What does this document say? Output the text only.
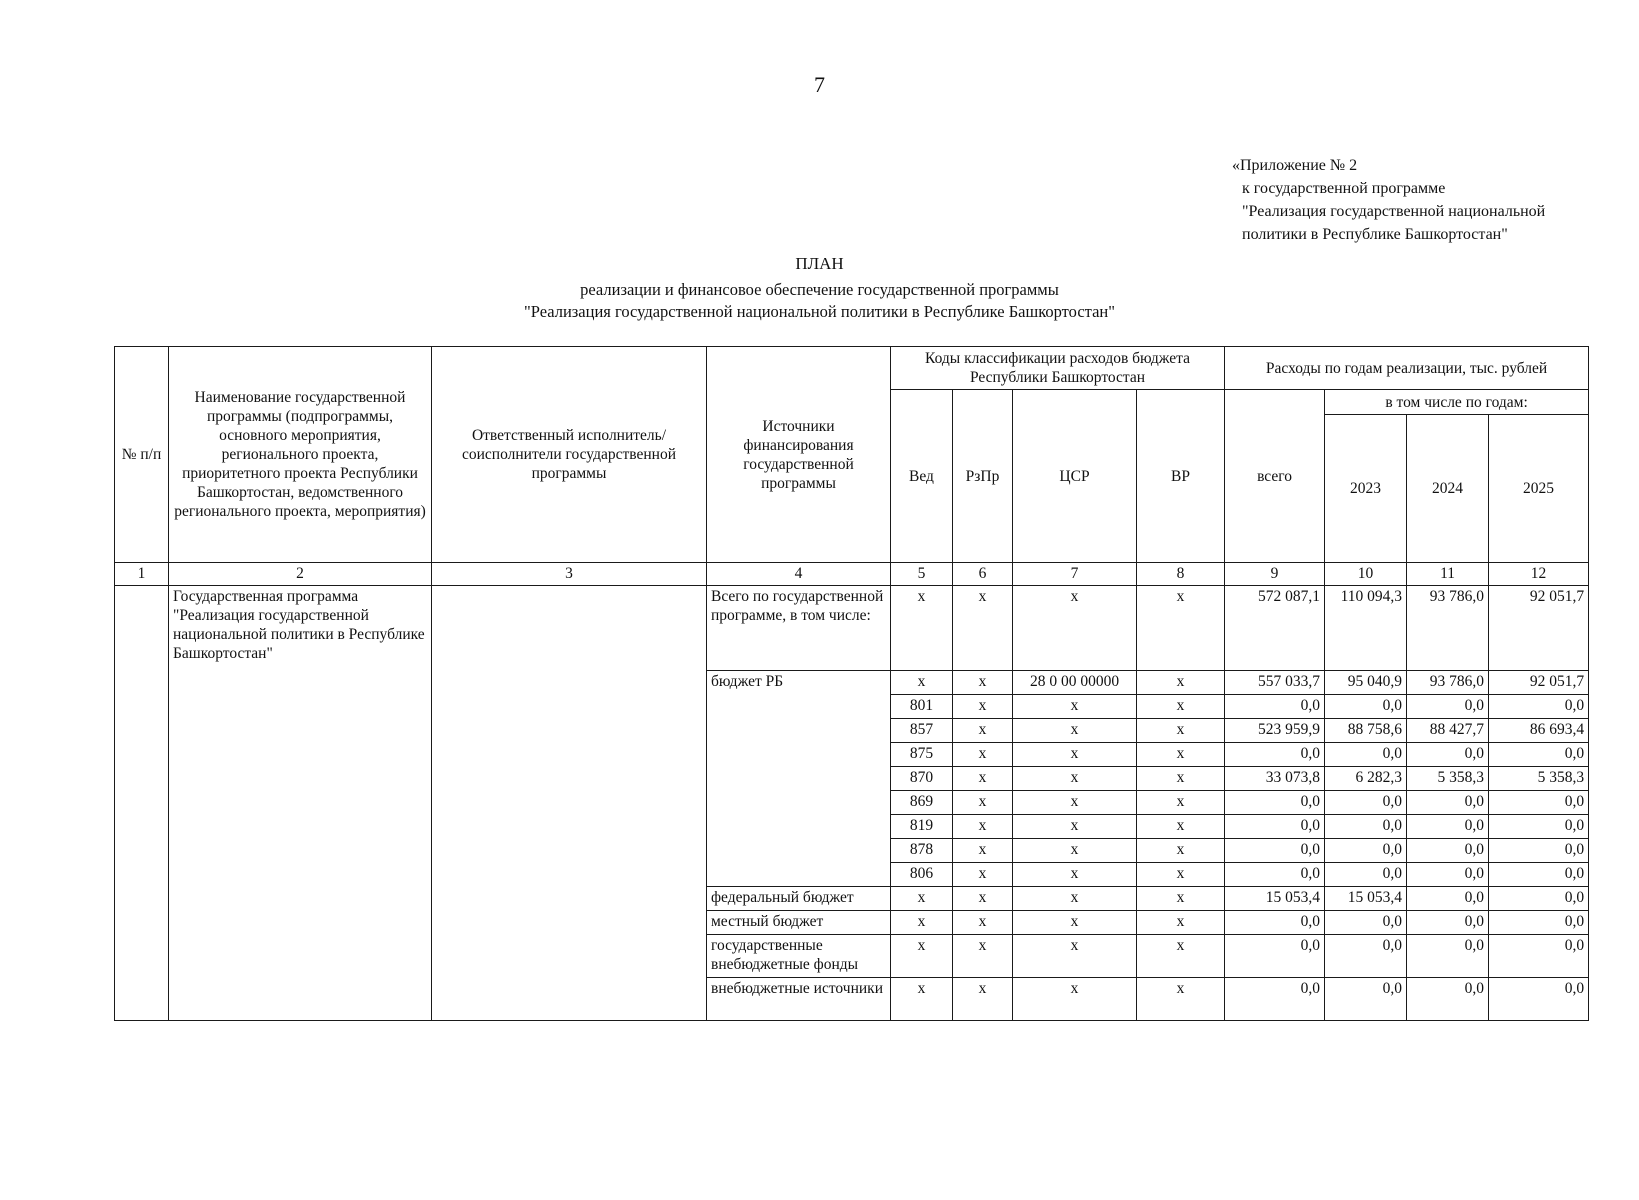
7
«Приложение № 2
к государственной программе
"Реализация государственной национальной
политики в Республике Башкортостан"
ПЛАН
реализации и финансовое обеспечение государственной программы
"Реализация государственной национальной политики в Республике Башкортостан"
№ п/п	Наименование государственной программы (подпрограммы, основного мероприятия, регионального проекта, приоритетного проекта Республики Башкортостан, ведомственного регионального проекта, мероприятия)	Ответственный исполнитель/соисполнители государственной программы	Источники финансирования государственной программы	Коды классификации расходов бюджета Республики Башкортостан				Расходы по годам реализации, тыс. рублей			
				Вед	РзПр	ЦСР	ВР	всего	в том числе по годам:		
									2023	2024	2025
1	2	3	4	5	6	7	8	9	10	11	12
	Государственная программа "Реализация государственной национальной политики в Республике Башкортостан"		Всего по государственной программе, в том числе:	x	x	x	x	572 087,1	110 094,3	93 786,0	92 051,7
			бюджет РБ	x	x	28 0 00 00000	x	557 033,7	95 040,9	93 786,0	92 051,7
				801	x	x	x	0,0	0,0	0,0	0,0
				857	x	x	x	523 959,9	88 758,6	88 427,7	86 693,4
				875	x	x	x	0,0	0,0	0,0	0,0
				870	x	x	x	33 073,8	6 282,3	5 358,3	5 358,3
				869	x	x	x	0,0	0,0	0,0	0,0
				819	x	x	x	0,0	0,0	0,0	0,0
				878	x	x	x	0,0	0,0	0,0	0,0
				806	x	x	x	0,0	0,0	0,0	0,0
			федеральный бюджет	x	x	x	x	15 053,4	15 053,4	0,0	0,0
			местный бюджет	x	x	x	x	0,0	0,0	0,0	0,0
			государственные внебюджетные фонды	x	x	x	x	0,0	0,0	0,0	0,0
			внебюджетные источники	x	x	x	x	0,0	0,0	0,0	0,0
